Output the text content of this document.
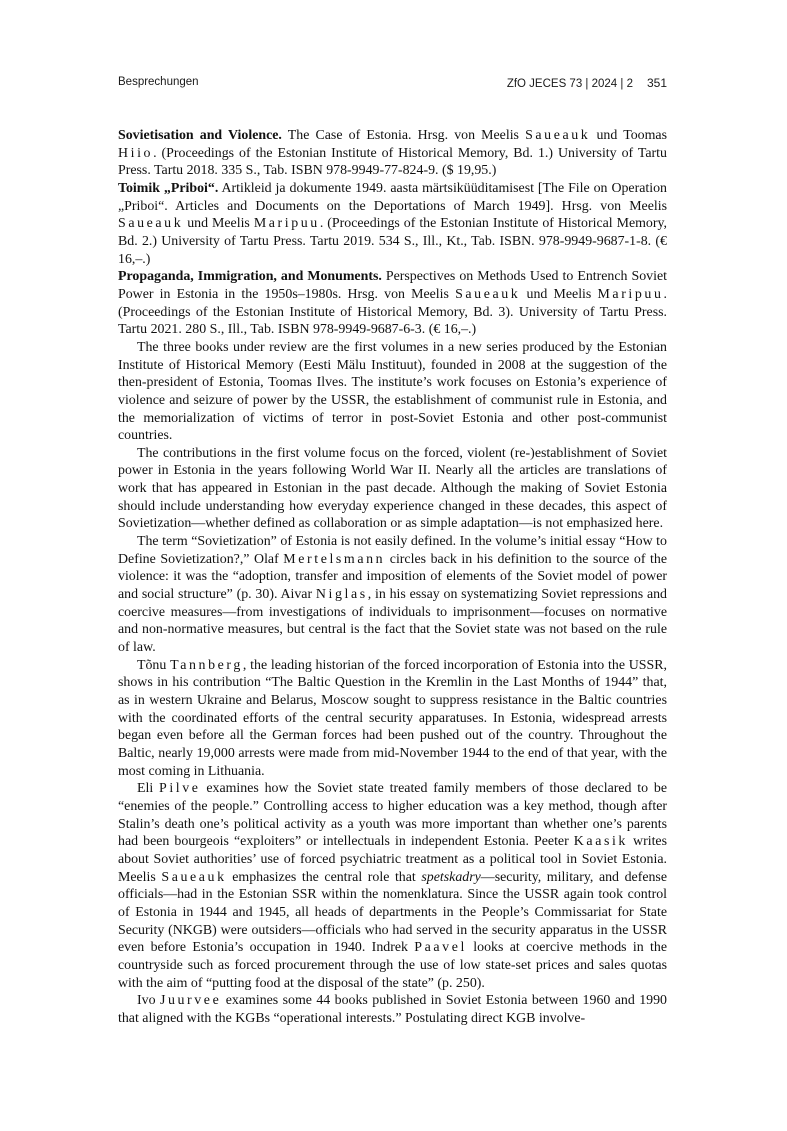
Besprechungen	ZfO JECES 73 | 2024 | 2 351

Sovietisation and Violence. The Case of Estonia. Hrsg. von Meelis Saueauk und Toomas Hiio. (Proceedings of the Estonian Institute of Historical Memory, Bd. 1.) University of Tartu Press. Tartu 2018. 335 S., Tab. ISBN 978-9949-77-824-9. ($ 19,95.)

Toimik „Priboi“. Artikleid ja dokumente 1949. aasta märtsiküüditamisest [The File on Operation „Priboi“. Articles and Documents on the Deportations of March 1949]. Hrsg. von Meelis Saueauk und Meelis Maripuu. (Proceedings of the Estonian Institute of Historical Memory, Bd. 2.) University of Tartu Press. Tartu 2019. 534 S., Ill., Kt., Tab. ISBN. 978-9949-9687-1-8. (€ 16,–.)

Propaganda, Immigration, and Monuments. Perspectives on Methods Used to Entrench Soviet Power in Estonia in the 1950s–1980s. Hrsg. von Meelis Saueauk und Meelis Maripuu. (Proceedings of the Estonian Institute of Historical Memory, Bd. 3). University of Tartu Press. Tartu 2021. 280 S., Ill., Tab. ISBN 978-9949-9687-6-3. (€ 16,–.)

The three books under review are the first volumes in a new series produced by the Estonian Institute of Historical Memory (Eesti Mälu Instituut), founded in 2008 at the suggestion of the then-president of Estonia, Toomas Ilves. The institute’s work focuses on Estonia’s experience of violence and seizure of power by the USSR, the establishment of communist rule in Estonia, and the memorialization of victims of terror in post-Soviet Estonia and other post-communist countries.

The contributions in the first volume focus on the forced, violent (re-)establishment of Soviet power in Estonia in the years following World War II. Nearly all the articles are translations of work that has appeared in Estonian in the past decade. Although the making of Soviet Estonia should include understanding how everyday experience changed in these decades, this aspect of Sovietization—whether defined as collaboration or as simple adaptation—is not emphasized here.

The term “Sovietization” of Estonia is not easily defined. In the volume’s initial essay “How to Define Sovietization?,” Olaf Mertelsmann circles back in his definition to the source of the violence: it was the “adoption, transfer and imposition of elements of the Soviet model of power and social structure” (p. 30). Aivar Niglas, in his essay on systematizing Soviet repressions and coercive measures—from investigations of individuals to imprisonment—focuses on normative and non-normative measures, but central is the fact that the Soviet state was not based on the rule of law.

Tõnu Tannberg, the leading historian of the forced incorporation of Estonia into the USSR, shows in his contribution “The Baltic Question in the Kremlin in the Last Months of 1944” that, as in western Ukraine and Belarus, Moscow sought to suppress resistance in the Baltic countries with the coordinated efforts of the central security apparatuses. In Estonia, widespread arrests began even before all the German forces had been pushed out of the country. Throughout the Baltic, nearly 19,000 arrests were made from mid-November 1944 to the end of that year, with the most coming in Lithuania.

Eli Pilve examines how the Soviet state treated family members of those declared to be “enemies of the people.” Controlling access to higher education was a key method, though after Stalin’s death one’s political activity as a youth was more important than whether one’s parents had been bourgeois “exploiters” or intellectuals in independent Estonia. Peeter Kaasik writes about Soviet authorities’ use of forced psychiatric treatment as a political tool in Soviet Estonia. Meelis Saueauk emphasizes the central role that spetskadry—security, military, and defense officials—had in the Estonian SSR within the nomenklatura. Since the USSR again took control of Estonia in 1944 and 1945, all heads of departments in the People’s Commissariat for State Security (NKGB) were outsiders—officials who had served in the security apparatus in the USSR even before Estonia’s occupation in 1940. Indrek Paavel looks at coercive methods in the countryside such as forced procurement through the use of low state-set prices and sales quotas with the aim of “putting food at the disposal of the state” (p. 250).

Ivo Juurvee examines some 44 books published in Soviet Estonia between 1960 and 1990 that aligned with the KGBs “operational interests.” Postulating direct KGB involve-
